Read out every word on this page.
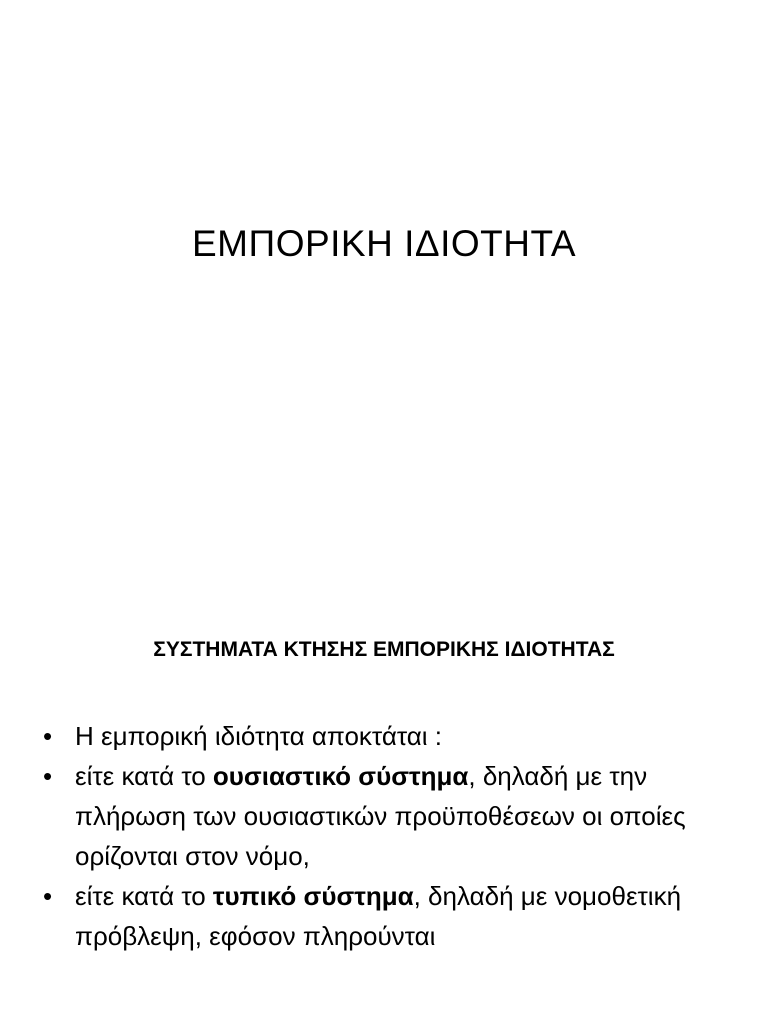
ΕΜΠΟΡΙΚΗ ΙΔΙΟΤΗΤΑ
ΣΥΣΤΗΜΑΤΑ ΚΤΗΣΗΣ ΕΜΠΟΡΙΚΗΣ ΙΔΙΟΤΗΤΑΣ
• Η εμπορική ιδιότητα αποκτάται :
• είτε κατά το ουσιαστικό σύστημα, δηλαδή με την πλήρωση των ουσιαστικών προϋποθέσεων οι οποίες ορίζονται στον νόμο,
• είτε κατά το τυπικό σύστημα, δηλαδή με νομοθετική πρόβλεψη, εφόσον πληρούνται
